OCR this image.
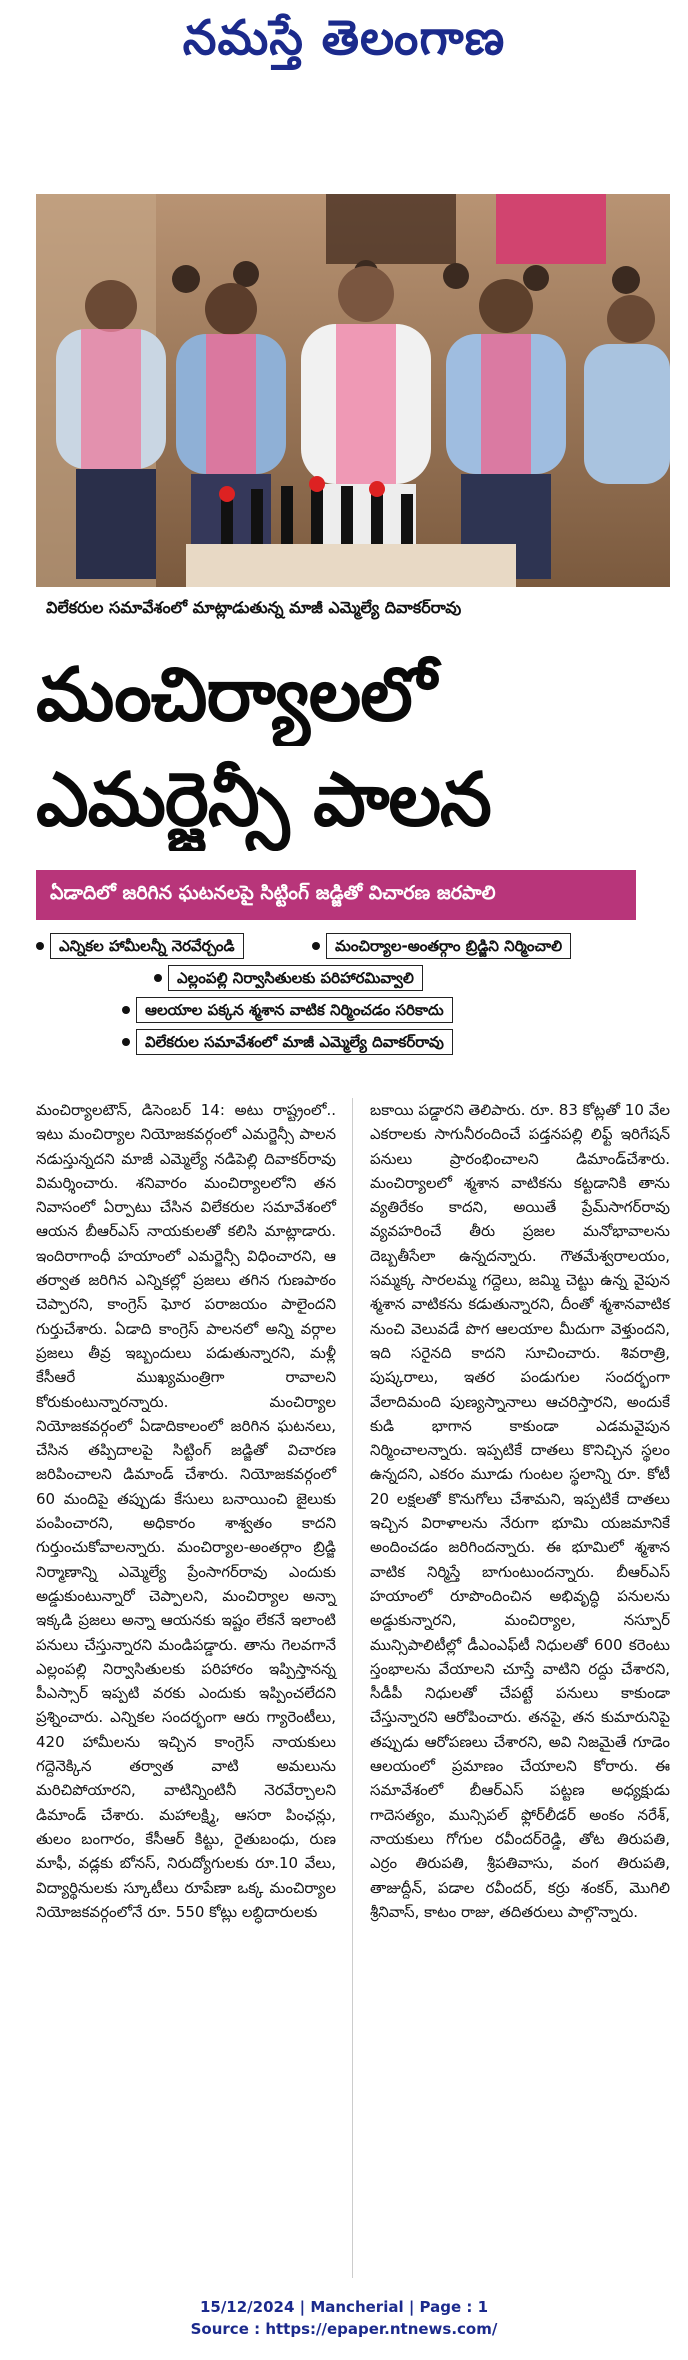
నమస్తే తెలంగాణ
విలేకరుల సమావేశంలో మాట్లాడుతున్న మాజీ ఎమ్మెల్యే దివాకర్‌రావు
మంచిర్యాలలో
ఎమర్జెన్సీ పాలన
ఏడాదిలో జరిగిన ఘటనలపై సిట్టింగ్‌ జడ్జితో విచారణ జరపాలి
ఎన్నికల హామీలన్నీ నెరవేర్చండి	మంచిర్యాల-అంతర్గాం బ్రిడ్జిని నిర్మించాలి
ఎల్లంపల్లి నిర్వాసితులకు పరిహారమివ్వాలి
ఆలయాల పక్కన శ్మశాన వాటిక నిర్మించడం సరికాదు
విలేకరుల సమావేశంలో మాజీ ఎమ్మెల్యే దివాకర్‌రావు
మంచిర్యాలటౌన్‌, డిసెంబర్‌ 14: అటు రాష్ట్రంలో.. ఇటు మంచిర్యాల నియోజకవర్గంలో ఎమర్జెన్సీ పాలన నడుస్తున్నదని మాజీ ఎమ్మెల్యే నడిపెల్లి దివాకర్‌రావు విమర్శించారు. శనివారం మంచిర్యాలలోని తన నివాసంలో ఏర్పాటు చేసిన విలేకరుల సమావేశంలో ఆయన బీఆర్‌ఎస్‌ నాయకులతో కలిసి మాట్లాడారు. ఇందిరాగాంధీ హయాంలో ఎమర్జెన్సీ విధించారని, ఆ తర్వాత జరిగిన ఎన్నికల్లో ప్రజలు తగిన గుణపాఠం చెప్పారని, కాంగ్రెస్‌ ఘోర పరాజయం పాలైందని గుర్తుచేశారు. ఏడాది కాంగ్రెస్‌ పాలనలో అన్ని వర్గాల ప్రజలు తీవ్ర ఇబ్బందులు పడుతున్నారని, మళ్లీ కేసీఆరే ముఖ్యమంత్రిగా రావాలని కోరుకుంటున్నారన్నారు. మంచిర్యాల నియోజకవర్గంలో ఏడాదికాలంలో జరిగిన ఘటనలు, చేసిన తప్పిదాలపై సిట్టింగ్‌ జడ్జితో విచారణ జరిపించాలని డిమాండ్‌ చేశారు. నియోజకవర్గంలో 60 మందిపై తప్పుడు కేసులు బనాయించి జైలుకు పంపించారని, అధికారం శాశ్వతం కాదని గుర్తుంచుకోవాలన్నారు. మంచిర్యాల-అంతర్గాం బ్రిడ్జి నిర్మాణాన్ని ఎమ్మెల్యే ప్రేంసాగర్‌రావు ఎందుకు అడ్డుకుంటున్నారో చెప్పాలని, మంచిర్యాల అన్నా ఇక్కడి ప్రజలు అన్నా ఆయనకు ఇష్టం లేకనే ఇలాంటి పనులు చేస్తున్నారని మండిపడ్డారు. తాను గెలవగానే ఎల్లంపల్లి నిర్వాసితులకు పరిహారం ఇప్పిస్తానన్న పీఎస్సార్‌ ఇప్పటి వరకు ఎందుకు ఇప్పించలేదని ప్రశ్నించారు. ఎన్నికల సందర్భంగా ఆరు గ్యారెంటీలు, 420 హామీలను ఇచ్చిన కాంగ్రెస్‌ నాయకులు గద్దెనెక్కిన తర్వాత వాటి అమలును మరిచిపోయారని, వాటిన్నింటినీ నెరవేర్చాలని డిమాండ్‌ చేశారు. మహాలక్ష్మి, ఆసరా పింఛన్లు, తులం బంగారం, కేసీఆర్‌ కిట్టు, రైతుబంధు, రుణ మాఫీ, వడ్లకు బోనస్‌, నిరుద్యోగులకు రూ.10 వేలు, విద్యార్థినులకు స్కూటీలు రూపేణా ఒక్క మంచిర్యాల నియోజకవర్గంలోనే రూ. 550 కోట్లు లబ్ధిదారులకు
బకాయి పడ్డారని తెలిపారు. రూ. 83 కోట్లతో 10 వేల ఎకరాలకు సాగునీరందించే పడ్తనపల్లి లిఫ్ట్‌ ఇరిగేషన్‌ పనులు ప్రారంభించాలని డిమాండ్‌చేశారు. మంచిర్యాలలో శ్మశాన వాటికను కట్టడానికి తాను వ్యతిరేకం కాదని, అయితే ప్రేమ్‌సాగర్‌రావు వ్యవహరించే తీరు ప్రజల మనోభావాలను దెబ్బతీసేలా ఉన్నదన్నారు. గౌతమేశ్వరాలయం, సమ్మక్క సారలమ్మ గద్దెలు, జమ్మి చెట్టు ఉన్న వైపున శ్మశాన వాటికను కడుతున్నారని, దీంతో శ్మశానవాటిక నుంచి వెలువడే పొగ ఆలయాల మీదుగా వెళ్తుందని, ఇది సరైనది కాదని సూచించారు. శివరాత్రి, పుష్కరాలు, ఇతర పండుగుల సందర్భంగా వేలాదిమంది పుణ్యస్నానాలు ఆచరిస్తారని, అందుకే కుడి భాగాన కాకుండా ఎడమవైపున నిర్మించాలన్నారు. ఇప్పటికే దాతలు కొనిచ్చిన స్థలం ఉన్నదని, ఎకరం మూడు గుంటల స్థలాన్ని రూ. కోటీ 20 లక్షలతో కొనుగోలు చేశామని, ఇప్పటికే దాతలు ఇచ్చిన విరాళాలను నేరుగా భూమి యజమానికే అందించడం జరిగిందన్నారు. ఈ భూమిలో శ్మశాన వాటిక నిర్మిస్తే బాగుంటుందన్నారు. బీఆర్‌ఎస్‌ హయాంలో రూపొందించిన అభివృద్ధి పనులను అడ్డుకున్నారని, మంచిర్యాల, నస్పూర్‌ మున్సిపాలిటీల్లో డీఎంఎఫ్‌టీ నిధులతో 600 కరెంటు స్తంభాలను వేయాలని చూస్తే వాటిని రద్దు చేశారని, సీడీపీ నిధులతో చేపట్టే పనులు కాకుండా చేస్తున్నారని ఆరోపించారు. తనపై, తన కుమారునిపై తప్పుడు ఆరోపణలు చేశారని, అవి నిజమైతే గూడెం ఆలయంలో ప్రమాణం చేయాలని కోరారు. ఈ సమావేశంలో బీఆర్‌ఎస్‌ పట్టణ అధ్యక్షుడు గాదెసత్యం, మున్సిపల్‌ ఫ్లోర్‌లీడర్‌ అంకం నరేశ్‌, నాయకులు గోగుల రవీందర్‌రెడ్డి, తోట తిరుపతి, ఎర్రం తిరుపతి, శ్రీపతివాసు, వంగ తిరుపతి, తాజుద్దీన్‌, పడాల రవీందర్‌, కర్రు శంకర్‌, మొగిలి శ్రీనివాస్‌, కాటం రాజు, తదితరులు పాల్గొన్నారు.
15/12/2024 | Mancherial | Page : 1
Source : https://epaper.ntnews.com/
